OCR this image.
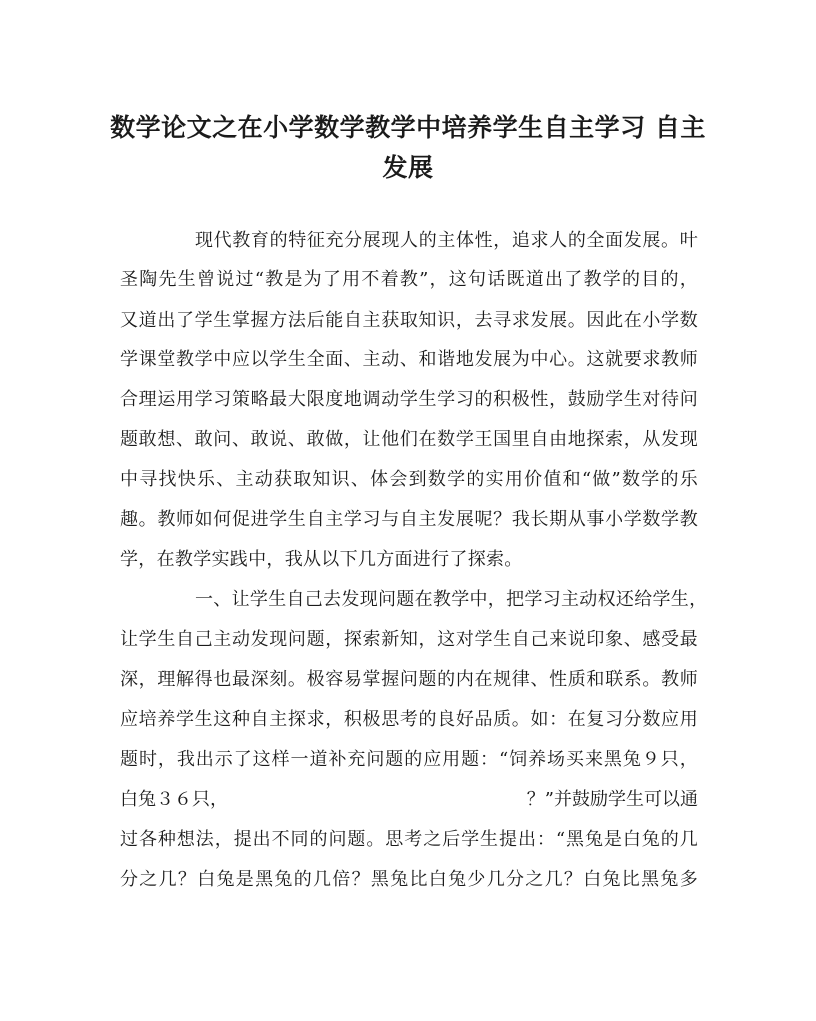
数学论文之在小学数学教学中培养学生自主学习 自主
发展
现代教育的特征充分展现人的主体性，追求人的全面发展。叶
圣陶先生曾说过“教是为了用不着教”，这句话既道出了教学的目的，
又道出了学生掌握方法后能自主获取知识，去寻求发展。因此在小学数
学课堂教学中应以学生全面、主动、和谐地发展为中心。这就要求教师
合理运用学习策略最大限度地调动学生学习的积极性，鼓励学生对待问
题敢想、敢问、敢说、敢做，让他们在数学王国里自由地探索，从发现
中寻找快乐、主动获取知识、体会到数学的实用价值和“做”数学的乐
趣。教师如何促进学生自主学习与自主发展呢？我长期从事小学数学教
学，在教学实践中，我从以下几方面进行了探索。
一、让学生自己去发现问题在教学中，把学习主动权还给学生，
让学生自己主动发现问题，探索新知，这对学生自己来说印象、感受最
深，理解得也最深刻。极容易掌握问题的内在规律、性质和联系。教师
应培养学生这种自主探求，积极思考的良好品质。如：在复习分数应用
题时，我出示了这样一道补充问题的应用题：“饲养场买来黑兔９只，
白兔３６只，	？”并鼓励学生可以通
过各种想法，提出不同的问题。思考之后学生提出：“黑兔是白兔的几
分之几？白兔是黑兔的几倍？黑兔比白兔少几分之几？白兔比黑兔多
